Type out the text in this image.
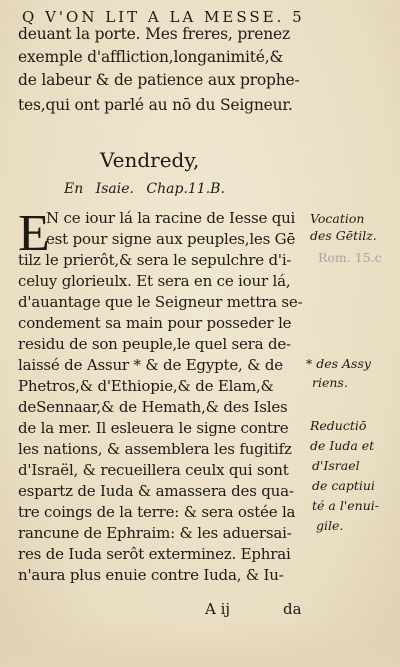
Q V'ON LIT A LA MESSE. 5
deuant la porte. Mes freres, prenez
exemple d'affliction,longanimité,&
de labeur & de patience aux prophe-
tes,qui ont parlé au nō du Seigneur.
Vendredy,
En Isaie. Chap.11.B.
E
N ce iour lá la racine de Iesse qui
est pour signe aux peuples,les Gē
tilz le prierôt,& sera le sepulchre d'i-
celuy glorieulx. Et sera en ce iour lá,
d'auantage que le Seigneur mettra se-
condement sa main pour posseder le
residu de son peuple,le quel sera de-
laissé de Assur * & de Egypte, & de
Phetros,& d'Ethiopie,& de Elam,&
deSennaar,& de Hemath,& des Isles
de la mer. Il esleuera le signe contre
les nations, & assemblera les fugitifz
d'Israël, & recueillera ceulx qui sont
espartz de Iuda & amassera des qua-
tre coings de la terre: & sera ostée la
rancune de Ephraim: & les aduersai-
res de Iuda serôt exterminez. Ephrai
n'aura plus enuie contre Iuda, & Iu-
Vocation
des Gētilz.
Rom. 15.c
* des Assy
riens.
Reductiō
de Iuda et
d'Israel
de captiui
té a l'enui-
gile.
A ij	da
